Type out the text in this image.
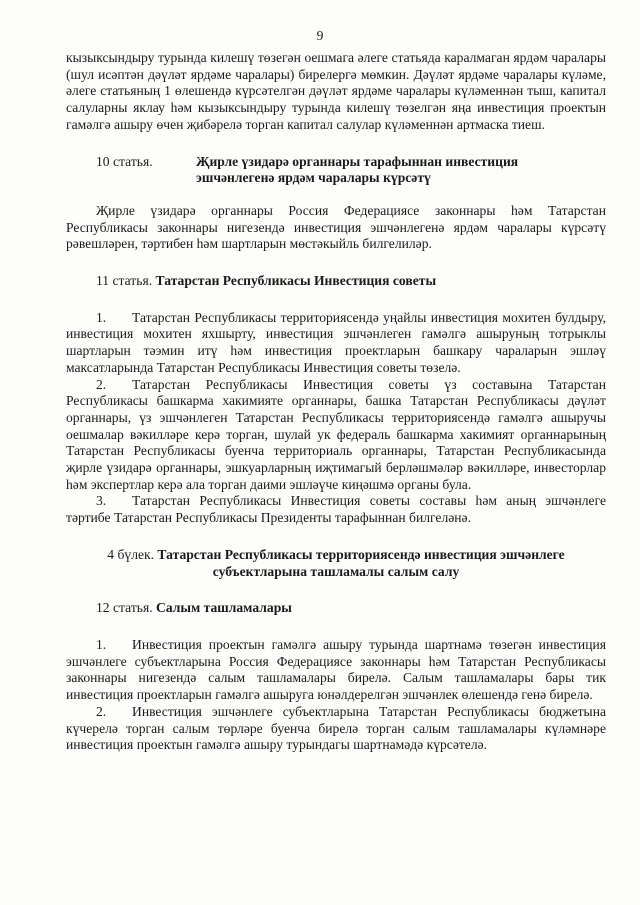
9

кызыксындыру турында килешү төзегән оешмага әлеге статьяда каралмаган ярдәм чаралары (шул исәптән дәүләт ярдәме чаралары) бирелергә мөмкин. Дәүләт ярдәме чаралары күләме, әлеге статьяның 1 өлешендә күрсәтелгән дәүләт ярдәме чаралары күләменнән тыш, капитал салуларны яклау һәм кызыксындыру турында килешү төзелгән яңа инвестиция проектын гамәлгә ашыру өчен җибәрелә торган капитал салулар күләменнән артмаска тиеш.

10 статья.	Җирле үзидарә органнары тарафыннан инвестиция
эшчәнлегенә ярдәм чаралары күрсәтү

Җирле үзидарә органнары Россия Федерациясе законнары һәм Татарстан Республикасы законнары нигезендә инвестиция эшчәнлегенә ярдәм чаралары күрсәтү рәвешләрен, тәртибен һәм шартларын мөстәкыйль билгелиләр.

11 статья. Татарстан Республикасы Инвестиция советы

1. Татарстан Республикасы территориясендә уңайлы инвестиция мохитен булдыру, инвестиция мохитен яхшырту, инвестиция эшчәнлеген гамәлгә ашыруның тотрыклы шартларын тәэмин итү һәм инвестиция проектларын башкару чараларын эшләү максатларында Татарстан Республикасы Инвестиция советы төзелә.

2. Татарстан Республикасы Инвестиция советы үз составына Татарстан Республикасы башкарма хакимияте органнары, башка Татарстан Республикасы дәүләт органнары, үз эшчәнлеген Татарстан Республикасы территориясендә гамәлгә ашыручы оешмалар вәкилләре керә торган, шулай ук федераль башкарма хакимият органнарының Татарстан Республикасы буенча территориаль органнары, Татарстан Республикасында җирле үзидарә органнары, эшкуарларның иҗтимагый берләшмәләр вәкилләре, инвесторлар һәм экспертлар керә ала торган даими эшләүче киңәшмә органы була.

3. Татарстан Республикасы Инвестиция советы составы һәм аның эшчәнлеге тәртибе Татарстан Республикасы Президенты тарафыннан билгеләнә.

4 бүлек. Татарстан Республикасы территориясендә инвестиция эшчәнлеге
субъектларына ташламалы салым салу

12 статья. Салым ташламалары

1. Инвестиция проектын гамәлгә ашыру турында шартнамә төзегән инвестиция эшчәнлеге субъектларына Россия Федерациясе законнары һәм Татарстан Республикасы законнары нигезендә салым ташламалары бирелә. Салым ташламалары бары тик инвестиция проектларын гамәлгә ашыруга юнәлдерелгән эшчәнлек өлешендә генә бирелә.

2. Инвестиция эшчәнлеге субъектларына Татарстан Республикасы бюджетына күчерелә торган салым төрләре буенча бирелә торган салым ташламалары күләмнәре инвестиция проектын гамәлгә ашыру турындагы шартнамәдә күрсәтелә.
